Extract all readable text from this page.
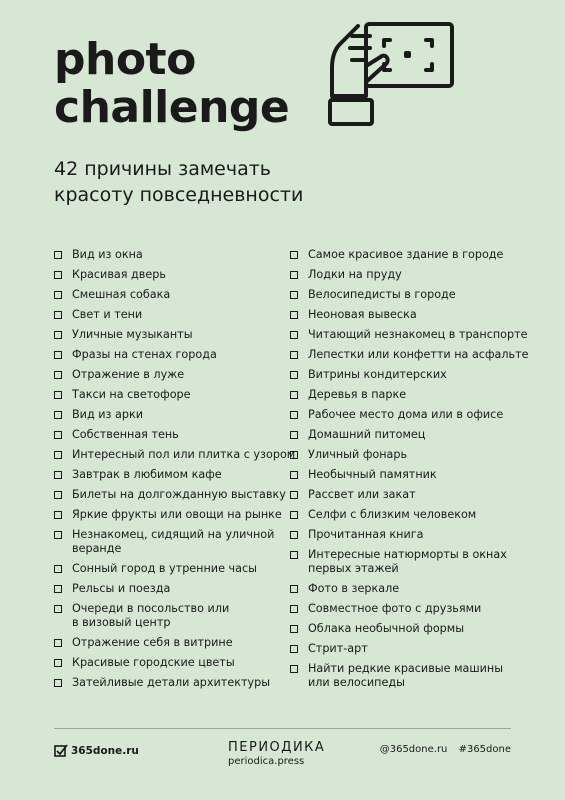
photo
challenge
42 причины замечать
красоту повседневности
Вид из окна
Красивая дверь
Смешная собака
Свет и тени
Уличные музыканты
Фразы на стенах города
Отражение в луже
Такси на светофоре
Вид из арки
Собственная тень
Интересный пол или плитка с узором
Завтрак в любимом кафе
Билеты на долгожданную выставку
Яркие фрукты или овощи на рынке
Незнакомец, сидящий на уличной
веранде
Сонный город в утренние часы
Рельсы и поезда
Очереди в посольство или
в визовый центр
Отражение себя в витрине
Красивые городские цветы
Затейливые детали архитектуры
Самое красивое здание в городе
Лодки на пруду
Велосипедисты в городе
Неоновая вывеска
Читающий незнакомец в транспорте
Лепестки или конфетти на асфальте
Витрины кондитерских
Деревья в парке
Рабочее место дома или в офисе
Домашний питомец
Уличный фонарь
Необычный памятник
Рассвет или закат
Селфи с близким человеком
Прочитанная книга
Интересные натюрморты в окнах
первых этажей
Фото в зеркале
Совместное фото с друзьями
Облака необычной формы
Стрит-арт
Найти редкие красивые машины
или велосипеды
365done.ru	ПЕРИОДИКА
periodica.press
@365done.ru #365done
